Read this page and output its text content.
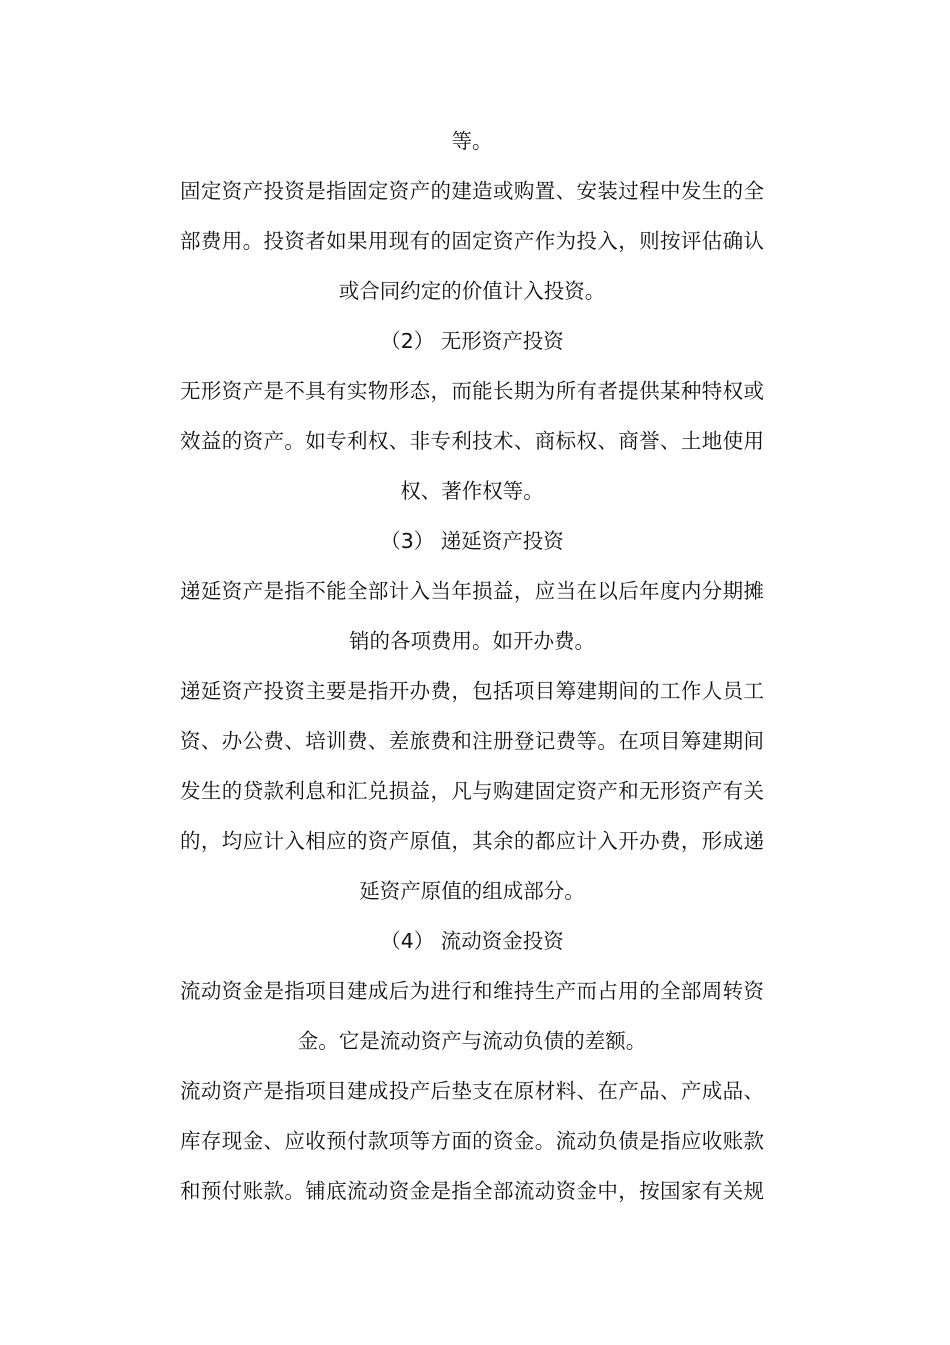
等。
固定资产投资是指固定资产的建造或购置、安装过程中发生的全
部费用。投资者如果用现有的固定资产作为投入，则按评估确认
或合同约定的价值计入投资。
（2） 无形资产投资
无形资产是不具有实物形态，而能长期为所有者提供某种特权或
效益的资产。如专利权、非专利技术、商标权、商誉、土地使用
权、著作权等。
（3） 递延资产投资
递延资产是指不能全部计入当年损益，应当在以后年度内分期摊
销的各项费用。如开办费。
递延资产投资主要是指开办费，包括项目筹建期间的工作人员工
资、办公费、培训费、差旅费和注册登记费等。在项目筹建期间
发生的贷款利息和汇兑损益，凡与购建固定资产和无形资产有关
的，均应计入相应的资产原值，其余的都应计入开办费，形成递
延资产原值的组成部分。
（4） 流动资金投资
流动资金是指项目建成后为进行和维持生产而占用的全部周转资
金。它是流动资产与流动负债的差额。
流动资产是指项目建成投产后垫支在原材料、在产品、产成品、
库存现金、应收预付款项等方面的资金。流动负债是指应收账款
和预付账款。铺底流动资金是指全部流动资金中，按国家有关规
